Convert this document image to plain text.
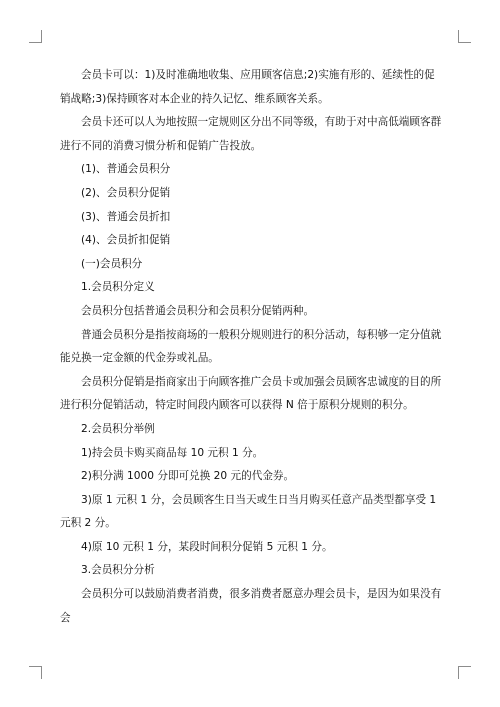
会员卡可以：1)及时准确地收集、应用顾客信息;2)实施有形的、延续性的促销战略;3)保持顾客对本企业的持久记忆、维系顾客关系。

会员卡还可以人为地按照一定规则区分出不同等级，有助于对中高低端顾客群进行不同的消费习惯分析和促销广告投放。

(1)、普通会员积分

(2)、会员积分促销

(3)、普通会员折扣

(4)、会员折扣促销

(一)会员积分

1.会员积分定义

会员积分包括普通会员积分和会员积分促销两种。

普通会员积分是指按商场的一般积分规则进行的积分活动，每积够一定分值就能兑换一定金额的代金券或礼品。

会员积分促销是指商家出于向顾客推广会员卡或加强会员顾客忠诚度的目的所进行积分促销活动，特定时间段内顾客可以获得 N 倍于原积分规则的积分。

2.会员积分举例

1)持会员卡购买商品每 10 元积 1 分。

2)积分满 1000 分即可兑换 20 元的代金券。

3)原 1 元积 1 分，会员顾客生日当天或生日当月购买任意产品类型都享受 1 元积 2 分。

4)原 10 元积 1 分，某段时间积分促销 5 元积 1 分。

3.会员积分分析

会员积分可以鼓励消费者消费，很多消费者愿意办理会员卡，是因为如果没有会
